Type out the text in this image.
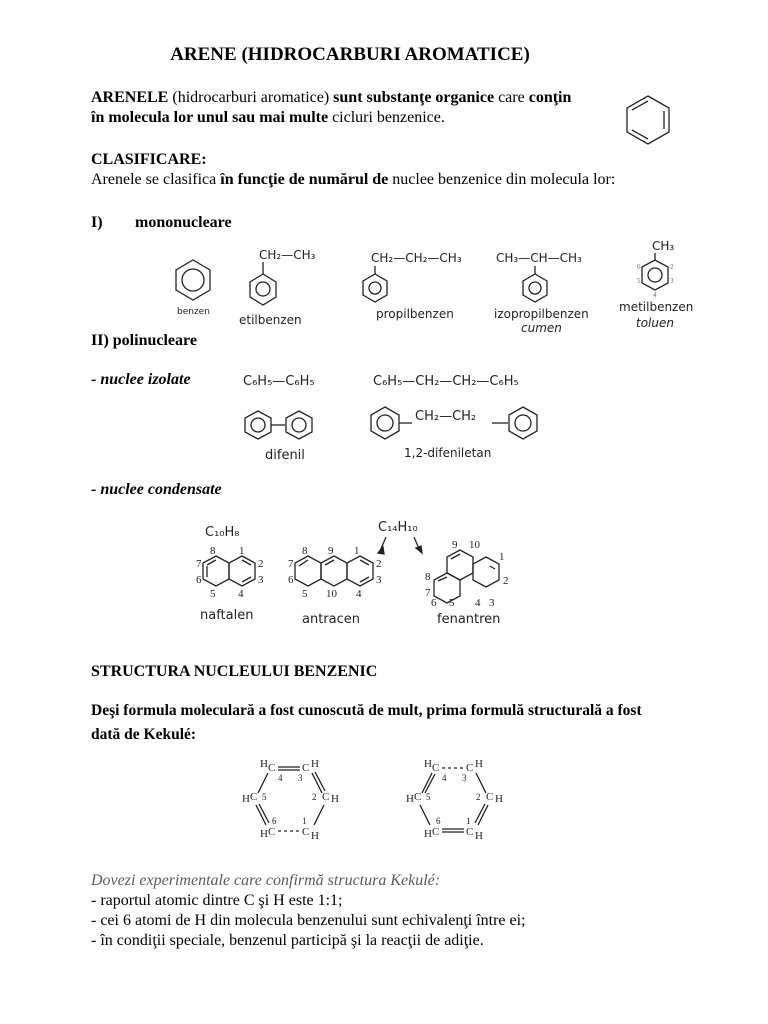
ARENE (HIDROCARBURI AROMATICE)
ARENELE (hidrocarburi aromatice) sunt substanţe organice care conţin
în molecula lor unul sau mai multe cicluri benzenice.
CLASIFICARE:
Arenele se clasifica în funcţie de numărul de nuclee benzenice din molecula lor:
I) mononucleare
benzen
CH₂—CH₃
etilbenzen
CH₂—CH₂—CH₃
propilbenzen
CH₃—CH—CH₃
izopropilbenzen
cumen
CH₃
6	2
3
5
4
metilbenzen
toluen
II) polinucleare
- nuclee izolate	C₆H₅—C₆H₅	C₆H₅—CH₂—CH₂—C₆H₅
difenil
CH₂—CH₂
1,2-difeniletan
- nuclee condensate
C₁₀H₈	C₁₄H₁₀
8 1
7	2
6	3
5 4
naftalen
8 9 1
7	2
6	3
5 10 4
antracen
9 10
8
1
2
7
6 5 4 3
fenantren
STRUCTURA NUCLEULUI BENZENIC
Deşi formula moleculară a fost cunoscută de mult, prima formulă structurală a fost
dată de Kekulé:
H C C H
4 3
H C 5	2 C H
6	1
H C C H
H C C H
4 3
H C 5	2 C H
6	1
H C C H
Dovezi experimentale care confirmă structura Kekulé:
- raportul atomic dintre C şi H este 1:1;
- cei 6 atomi de H din molecula benzenului sunt echivalenţi între ei;
- în condiţii speciale, benzenul participă şi la reacţii de adiţie.
